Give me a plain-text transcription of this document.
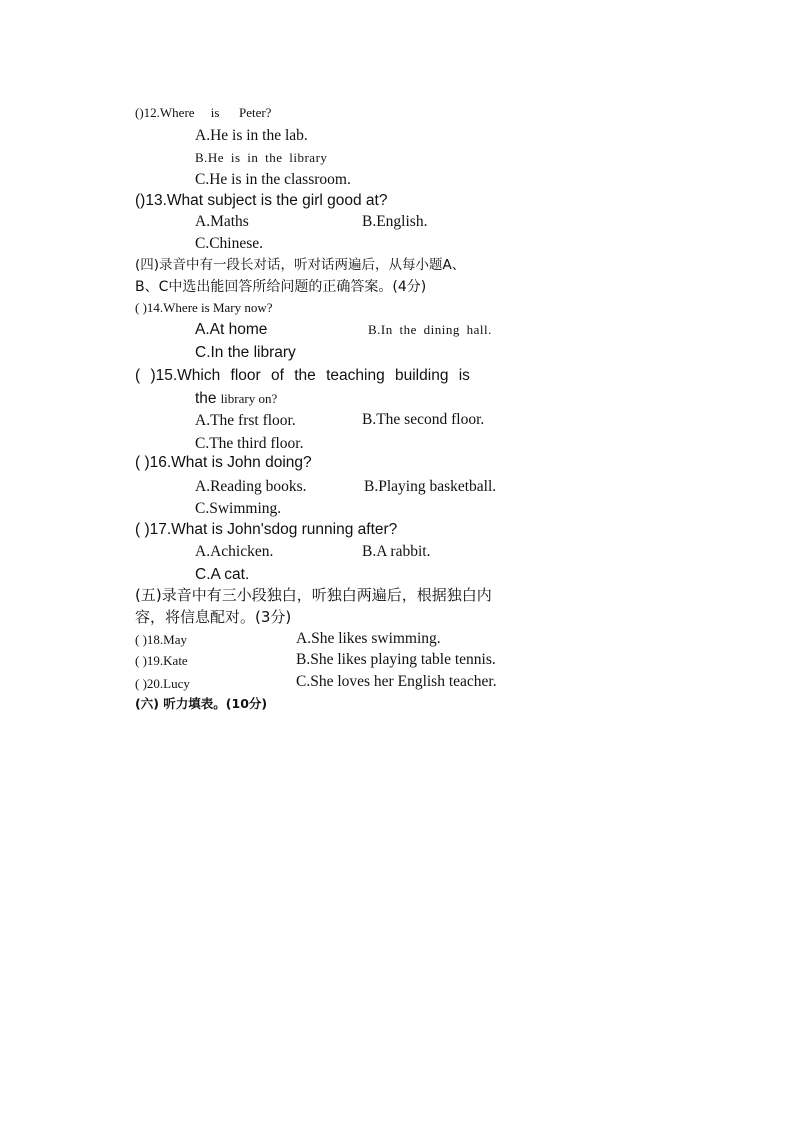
()12.Where　 is 　 Peter?
A.He is in the lab.
B.He is in the library
C.He is in the classroom.
()13.What subject is the girl good at?
A.Maths	B.English.
C.Chinese.
(四)录音中有一段长对话，听对话两遍后，从每小题A、
B、C中选出能回答所给问题的正确答案。(4分)
( )14.Where is Mary now?
A.At home	B.In the dining hall.
C.In the library
( )15.Which floor of the teaching building is
the library on?
A.The frst floor.	B.The second floor.
C.The third floor.
( )16.What is John doing?
A.Reading books.	B.Playing basketball.
C.Swimming.
( )17.What is John'sdog running after?
A.Achicken.	B.A rabbit.
C.A cat.
(五)录音中有三小段独白，听独白两遍后，根据独白内
容，将信息配对。(3分)
( )18.May	A.She likes swimming.
( )19.Kate	B.She likes playing table tennis.
( )20.Lucy	C.She loves her English teacher.
(六) 听力填表。(10分)
